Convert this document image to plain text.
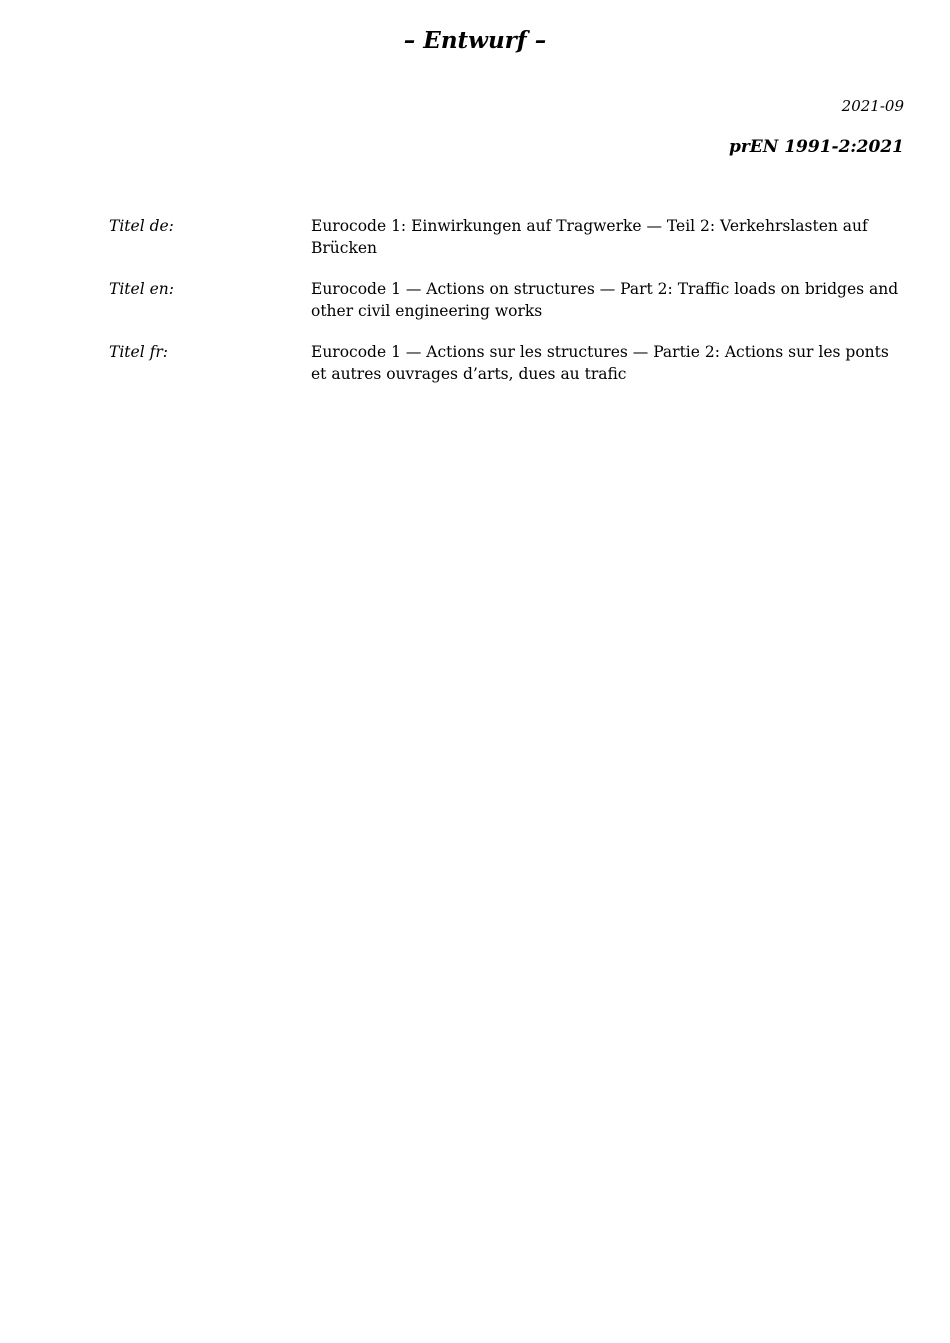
– Entwurf –
2021-09
prEN 1991-2:2021
Titel de:	Eurocode 1: Einwirkungen auf Tragwerke — Teil 2: Verkehrslasten auf Brücken
Titel en:	Eurocode 1 — Actions on structures — Part 2: Traffic loads on bridges and other civil engineering works
Titel fr:	Eurocode 1 — Actions sur les structures — Partie 2: Actions sur les ponts et autres ouvrages d’arts, dues au trafic
